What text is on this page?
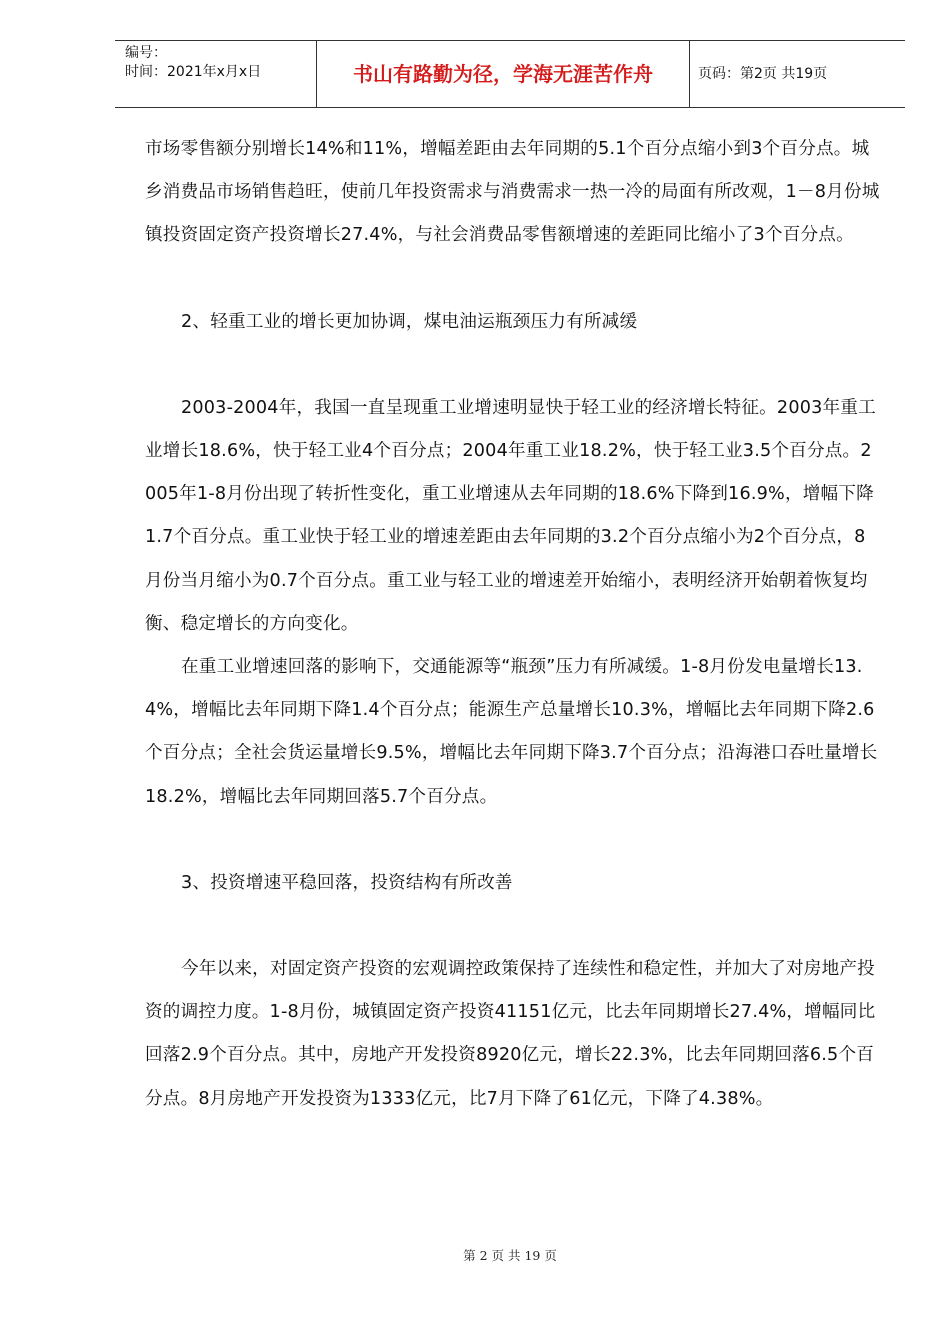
编号：
时间：2021年x月x日	书山有路勤为径，学海无涯苦作舟	页码：第2页 共19页

市场零售额分别增长14%和11%，增幅差距由去年同期的5.1个百分点缩小到3个百分点。城乡消费品市场销售趋旺，使前几年投资需求与消费需求一热一冷的局面有所改观，1－8月份城镇投资固定资产投资增长27.4%，与社会消费品零售额增速的差距同比缩小了3个百分点。

2、轻重工业的增长更加协调，煤电油运瓶颈压力有所减缓

2003-2004年，我国一直呈现重工业增速明显快于轻工业的经济增长特征。2003年重工业增长18.6%，快于轻工业4个百分点；2004年重工业18.2%，快于轻工业3.5个百分点。2005年1-8月份出现了转折性变化，重工业增速从去年同期的18.6%下降到16.9%，增幅下降1.7个百分点。重工业快于轻工业的增速差距由去年同期的3.2个百分点缩小为2个百分点，8月份当月缩小为0.7个百分点。重工业与轻工业的增速差开始缩小，表明经济开始朝着恢复均衡、稳定增长的方向变化。

在重工业增速回落的影响下，交通能源等“瓶颈”压力有所减缓。1-8月份发电量增长13.4%，增幅比去年同期下降1.4个百分点；能源生产总量增长10.3%，增幅比去年同期下降2.6个百分点；全社会货运量增长9.5%，增幅比去年同期下降3.7个百分点；沿海港口吞吐量增长18.2%，增幅比去年同期回落5.7个百分点。

3、投资增速平稳回落，投资结构有所改善

今年以来，对固定资产投资的宏观调控政策保持了连续性和稳定性，并加大了对房地产投资的调控力度。1-8月份，城镇固定资产投资41151亿元，比去年同期增长27.4%，增幅同比回落2.9个百分点。其中，房地产开发投资8920亿元，增长22.3%，比去年同期回落6.5个百分点。8月房地产开发投资为1333亿元，比7月下降了61亿元，下降了4.38%。

第 2 页 共 19 页
